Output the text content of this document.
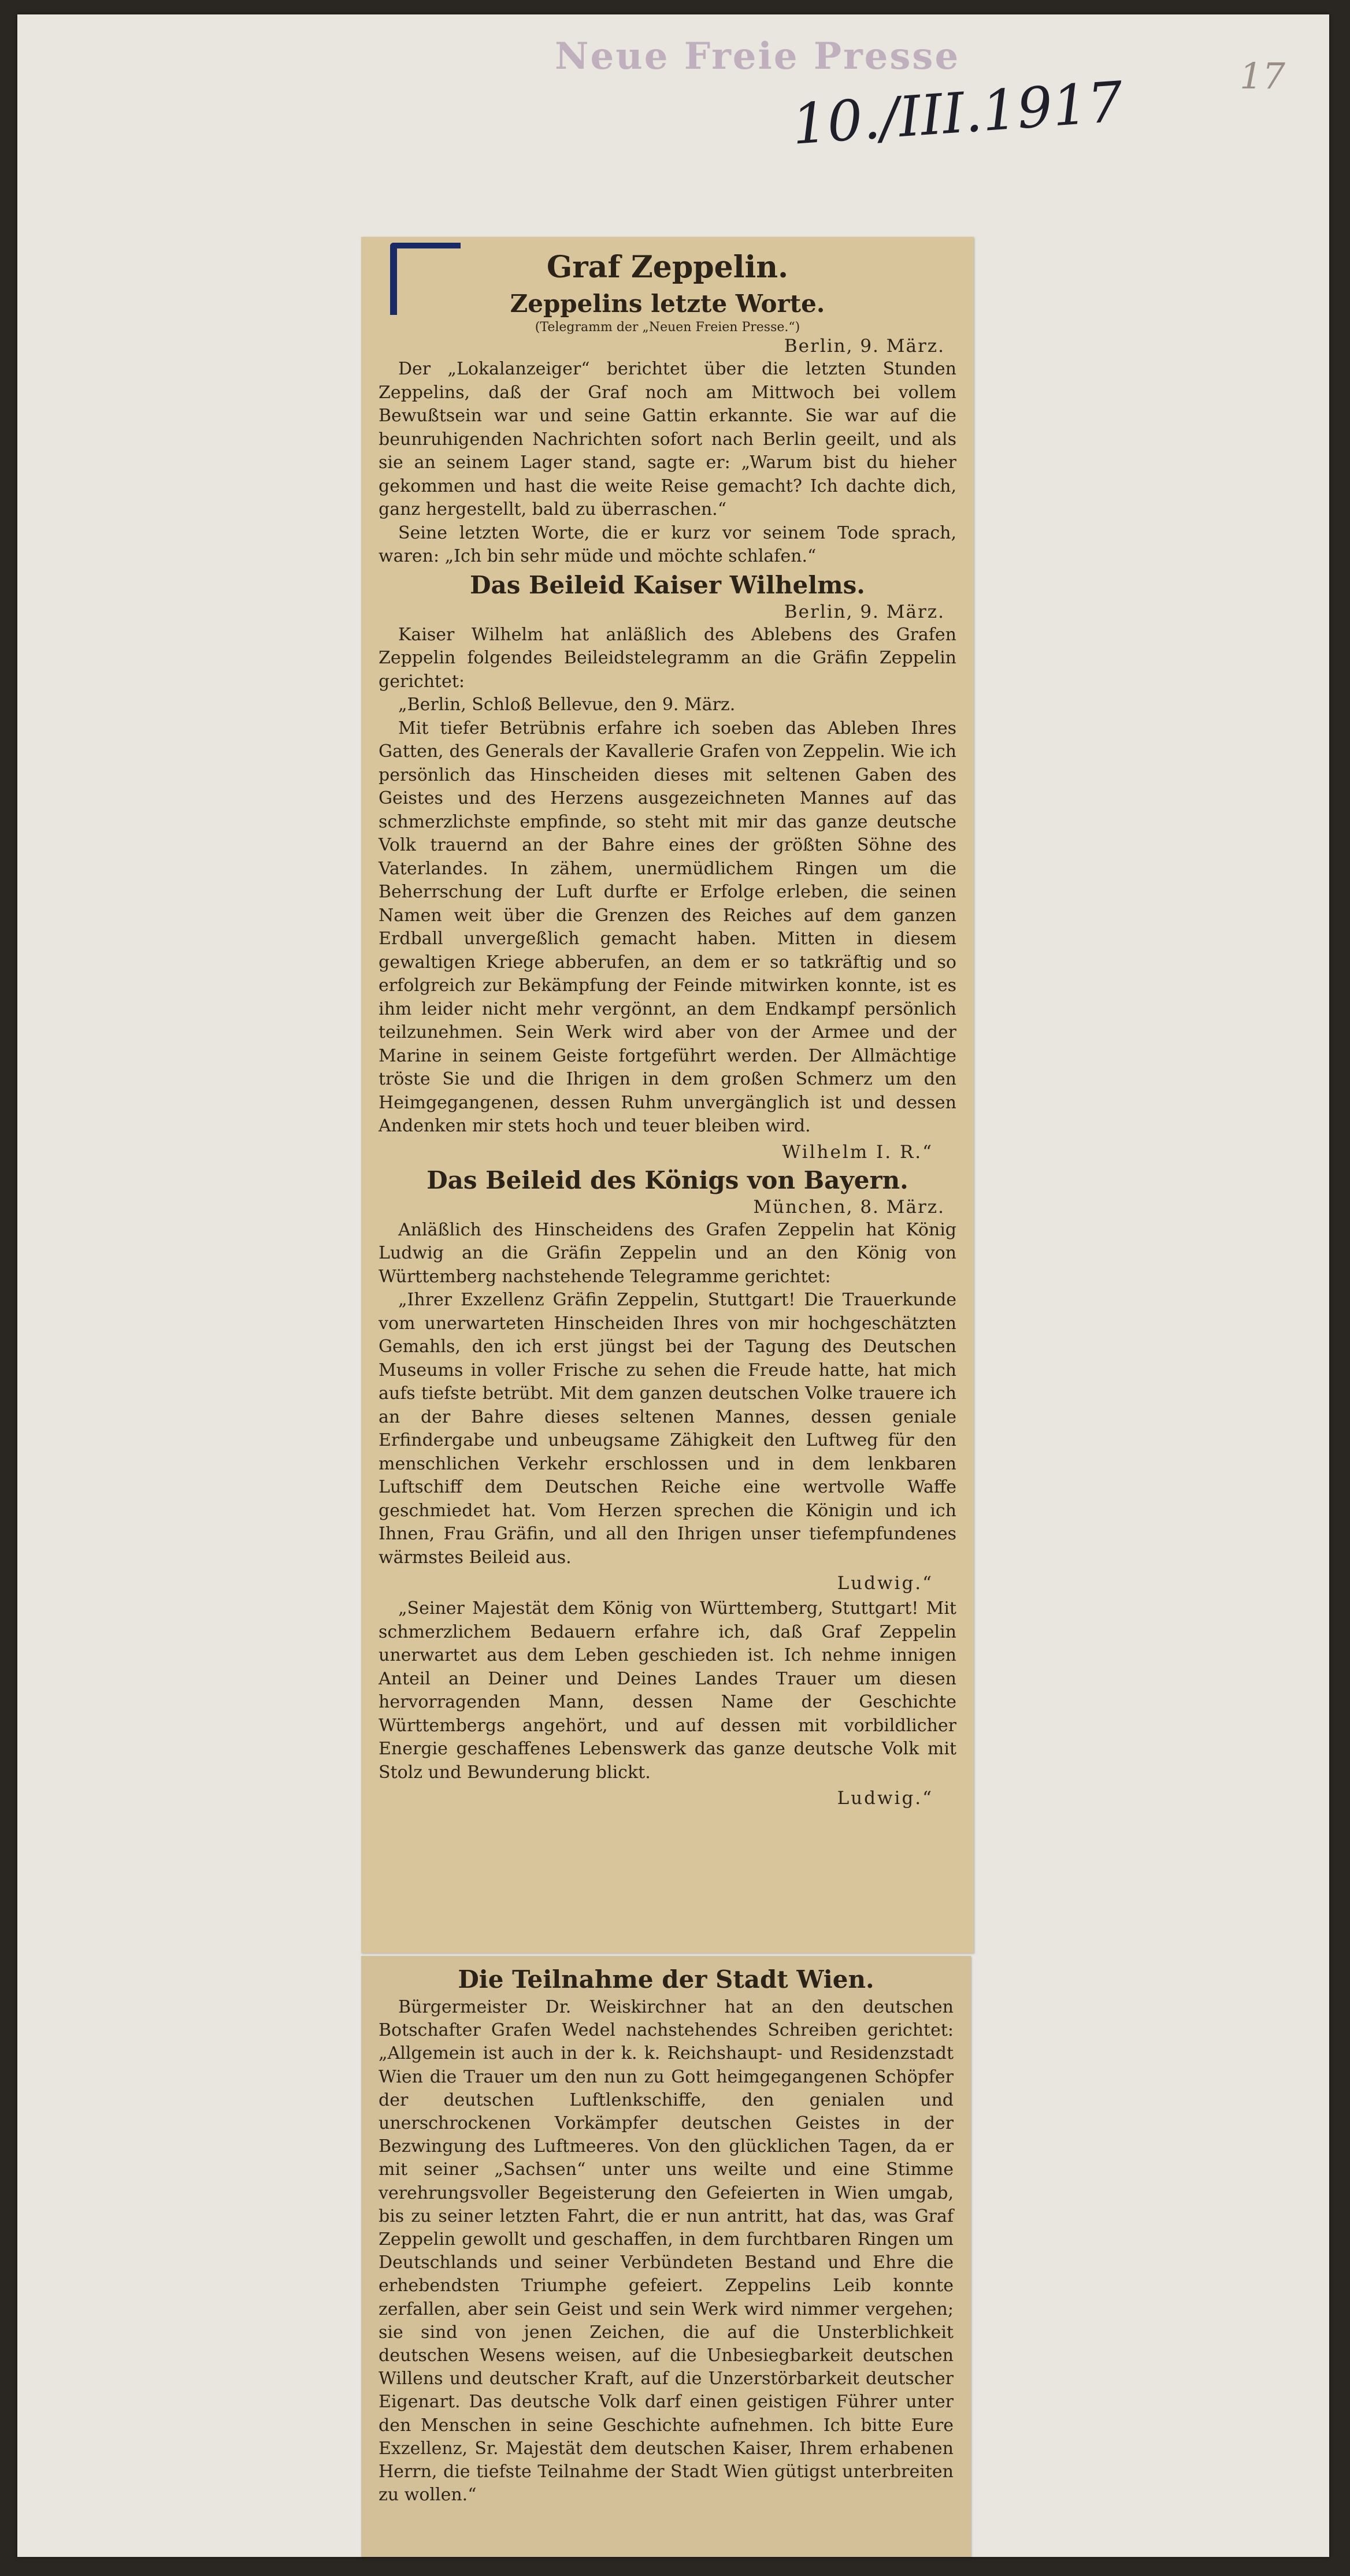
Neue Freie Presse
10./III.1917	17
Graf Zeppelin.
Zeppelins letzte Worte.
(Telegramm der „Neuen Freien Presse.“)
Berlin, 9. März.

Der „Lokalanzeiger“ berichtet über die letzten Stunden Zeppelins, daß der Graf noch am Mittwoch bei vollem Bewußtsein war und seine Gattin erkannte. Sie war auf die beunruhigenden Nachrichten sofort nach Berlin geeilt, und als sie an seinem Lager stand, sagte er: „Warum bist du hieher gekommen und hast die weite Reise gemacht? Ich dachte dich, ganz hergestellt, bald zu überraschen.“

Seine letzten Worte, die er kurz vor seinem Tode sprach, waren: „Ich bin sehr müde und möchte schlafen.“

Das Beileid Kaiser Wilhelms.
Berlin, 9. März.

Kaiser Wilhelm hat anläßlich des Ablebens des Grafen Zeppelin folgendes Beileidstelegramm an die Gräfin Zeppelin gerichtet:

„Berlin, Schloß Bellevue, den 9. März.

Mit tiefer Betrübnis erfahre ich soeben das Ableben Ihres Gatten, des Generals der Kavallerie Grafen von Zeppelin. Wie ich persönlich das Hinscheiden dieses mit seltenen Gaben des Geistes und des Herzens ausgezeichneten Mannes auf das schmerzlichste empfinde, so steht mit mir das ganze deutsche Volk trauernd an der Bahre eines der größten Söhne des Vaterlandes. In zähem, unermüdlichem Ringen um die Beherrschung der Luft durfte er Erfolge erleben, die seinen Namen weit über die Grenzen des Reiches auf dem ganzen Erdball unvergeßlich gemacht haben. Mitten in diesem gewaltigen Kriege abberufen, an dem er so tatkräftig und so erfolgreich zur Bekämpfung der Feinde mitwirken konnte, ist es ihm leider nicht mehr vergönnt, an dem Endkampf persönlich teilzunehmen. Sein Werk wird aber von der Armee und der Marine in seinem Geiste fortgeführt werden. Der Allmächtige tröste Sie und die Ihrigen in dem großen Schmerz um den Heimgegangenen, dessen Ruhm unvergänglich ist und dessen Andenken mir stets hoch und teuer bleiben wird.

Wilhelm I. R.“
Das Beileid des Königs von Bayern.
München, 8. März.

Anläßlich des Hinscheidens des Grafen Zeppelin hat König Ludwig an die Gräfin Zeppelin und an den König von Württemberg nachstehende Telegramme gerichtet:

„Ihrer Exzellenz Gräfin Zeppelin, Stuttgart! Die Trauerkunde vom unerwarteten Hinscheiden Ihres von mir hochgeschätzten Gemahls, den ich erst jüngst bei der Tagung des Deutschen Museums in voller Frische zu sehen die Freude hatte, hat mich aufs tiefste betrübt. Mit dem ganzen deutschen Volke trauere ich an der Bahre dieses seltenen Mannes, dessen geniale Erfindergabe und unbeugsame Zähigkeit den Luftweg für den menschlichen Verkehr erschlossen und in dem lenkbaren Luftschiff dem Deutschen Reiche eine wertvolle Waffe geschmiedet hat. Vom Herzen sprechen die Königin und ich Ihnen, Frau Gräfin, und all den Ihrigen unser tiefempfundenes wärmstes Beileid aus.

Ludwig.“

„Seiner Majestät dem König von Württemberg, Stuttgart! Mit schmerzlichem Bedauern erfahre ich, daß Graf Zeppelin unerwartet aus dem Leben geschieden ist. Ich nehme innigen Anteil an Deiner und Deines Landes Trauer um diesen hervorragenden Mann, dessen Name der Geschichte Württembergs angehört, und auf dessen mit vorbildlicher Energie geschaffenes Lebenswerk das ganze deutsche Volk mit Stolz und Bewunderung blickt.

Ludwig.“
Die Teilnahme der Stadt Wien.

Bürgermeister Dr. Weiskirchner hat an den deutschen Botschafter Grafen Wedel nachstehendes Schreiben gerichtet: „Allgemein ist auch in der k. k. Reichshaupt- und Residenzstadt Wien die Trauer um den nun zu Gott heimgegangenen Schöpfer der deutschen Luftlenkschiffe, den genialen und unerschrockenen Vorkämpfer deutschen Geistes in der Bezwingung des Luftmeeres. Von den glücklichen Tagen, da er mit seiner „Sachsen“ unter uns weilte und eine Stimme verehrungsvoller Begeisterung den Gefeierten in Wien umgab, bis zu seiner letzten Fahrt, die er nun antritt, hat das, was Graf Zeppelin gewollt und geschaffen, in dem furchtbaren Ringen um Deutschlands und seiner Verbündeten Bestand und Ehre die erhebendsten Triumphe gefeiert. Zeppelins Leib konnte zerfallen, aber sein Geist und sein Werk wird nimmer vergehen; sie sind von jenen Zeichen, die auf die Unsterblichkeit deutschen Wesens weisen, auf die Unbesiegbarkeit deutschen Willens und deutscher Kraft, auf die Unzerstörbarkeit deutscher Eigenart. Das deutsche Volk darf einen geistigen Führer unter den Menschen in seine Geschichte aufnehmen. Ich bitte Eure Exzellenz, Sr. Majestät dem deutschen Kaiser, Ihrem erhabenen Herrn, die tiefste Teilnahme der Stadt Wien gütigst unterbreiten zu wollen.“
